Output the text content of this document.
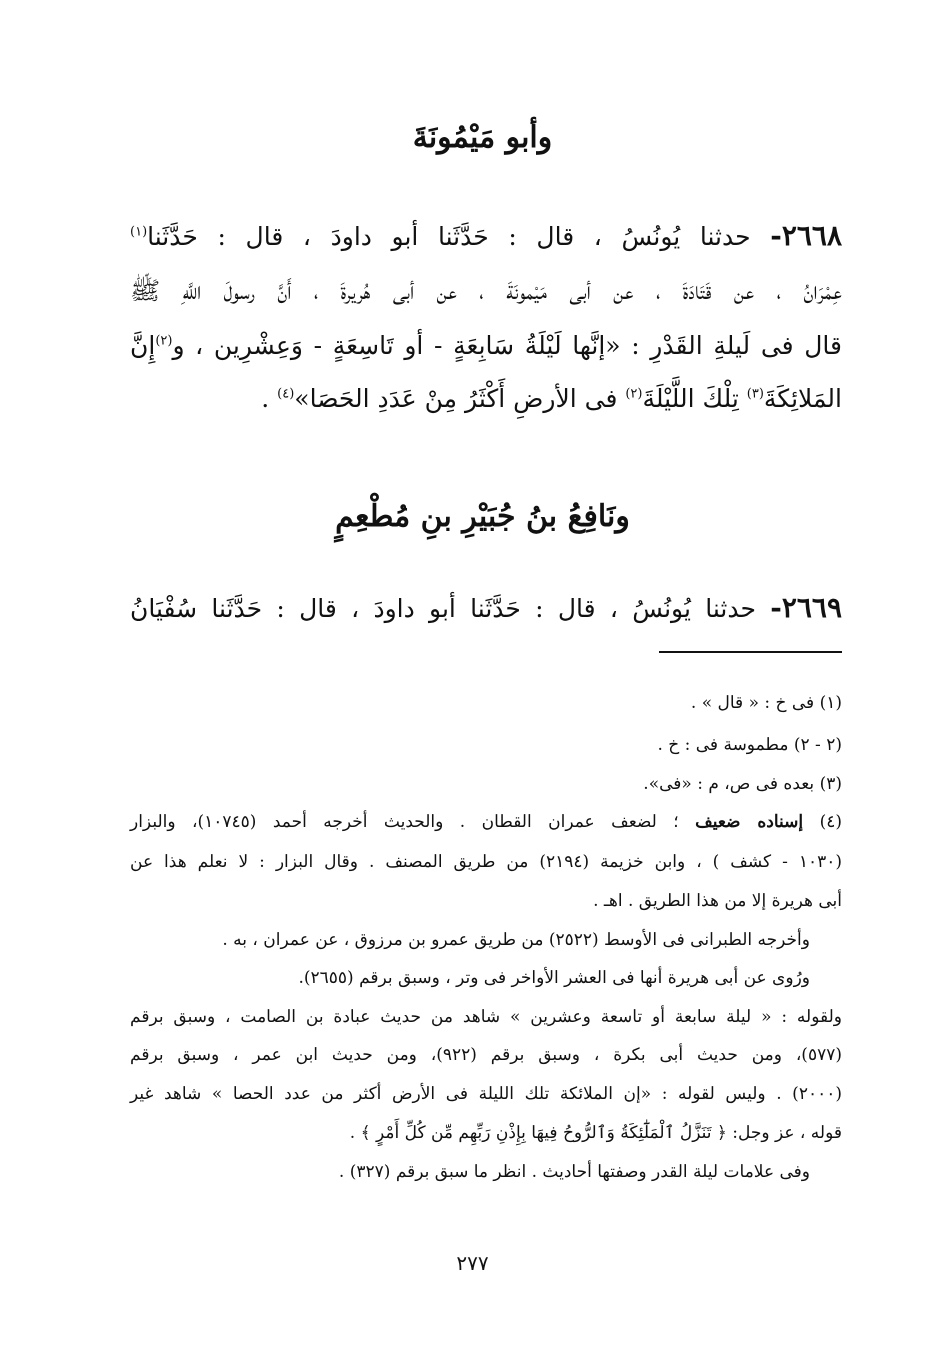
وأبو مَيْمُونَةَ
٢٦٦٨- حدثنا يُونُسُ ، قال : حَدَّثَنا أبو داودَ ، قال : حَدَّثَنا$^{(١)}$
عِمْرَانُ ، عن قَتَادَةَ ، عن أبى مَيْمونَةَ ، عن أبى هُريرةَ ، أَنَّ رسولَ اللَّهِ ﷺ
قال فى لَيلةِ القَدْرِ : «إنَّها لَيْلَةُ سَابِعَةٍ - أو تَاسِعَةٍ - وَعِشْرِين ، و$^{(٢)}$إِنَّ
المَلائِكَةَ$^{(٣)}$ تِلْكَ اللَّيْلَةَ$^{(٢)}$ فى الأرضِ أَكْثَرُ مِنْ عَدَدِ الحَصَا»$^{(٤)}$ .
ونَافِعُ بنُ جُبَيْرِ بنِ مُطْعِمٍ
٢٦٦٩- حدثنا يُونُسُ ، قال : حَدَّثَنا أبو داودَ ، قال : حَدَّثَنا سُفْيَانُ
(١) فى خ : « قال » .
(٢ - ٢) مطموسة فى : خ .
(٣) بعده فى ص، م : «فى».
(٤) إسناده ضعيف ؛ لضعف عمران القطان . والحديث أخرجه أحمد (١٠٧٤٥)، والبزار
(١٠٣٠ - كشف ) ، وابن خزيمة (٢١٩٤) من طريق المصنف . وقال البزار : لا نعلم هذا عن
أبى هريرة إلا من هذا الطريق . اهـ .
وأخرجه الطبرانى فى الأوسط (٢٥٢٢) من طريق عمرو بن مرزوق ، عن عمران ، به .
ورُوى عن أبى هريرة أنها فى العشر الأواخر فى وتر ، وسبق برقم (٢٦٥٥).
ولقوله : « ليلة سابعة أو تاسعة وعشرين » شاهد من حديث عبادة بن الصامت ، وسبق برقم
(٥٧٧)، ومن حديث أبى بكرة ، وسبق برقم (٩٢٢)، ومن حديث ابن عمر ، وسبق برقم
(٢٠٠٠) . وليس لقوله : «إن الملائكة تلك الليلة فى الأرض أكثر من عدد الحصا » شاهد غير
قوله ، عز وجل: ﴿ تَنَزَّلُ ٱلْمَلَٰٓئِكَةُ وَٱلرُّوحُ فِيهَا بِإِذْنِ رَبِّهِم مِّن كُلِّ أَمْرٍ ﴾ .
وفى علامات ليلة القدر وصفتها أحاديث . انظر ما سبق برقم (٣٢٧) .
٢٧٧
